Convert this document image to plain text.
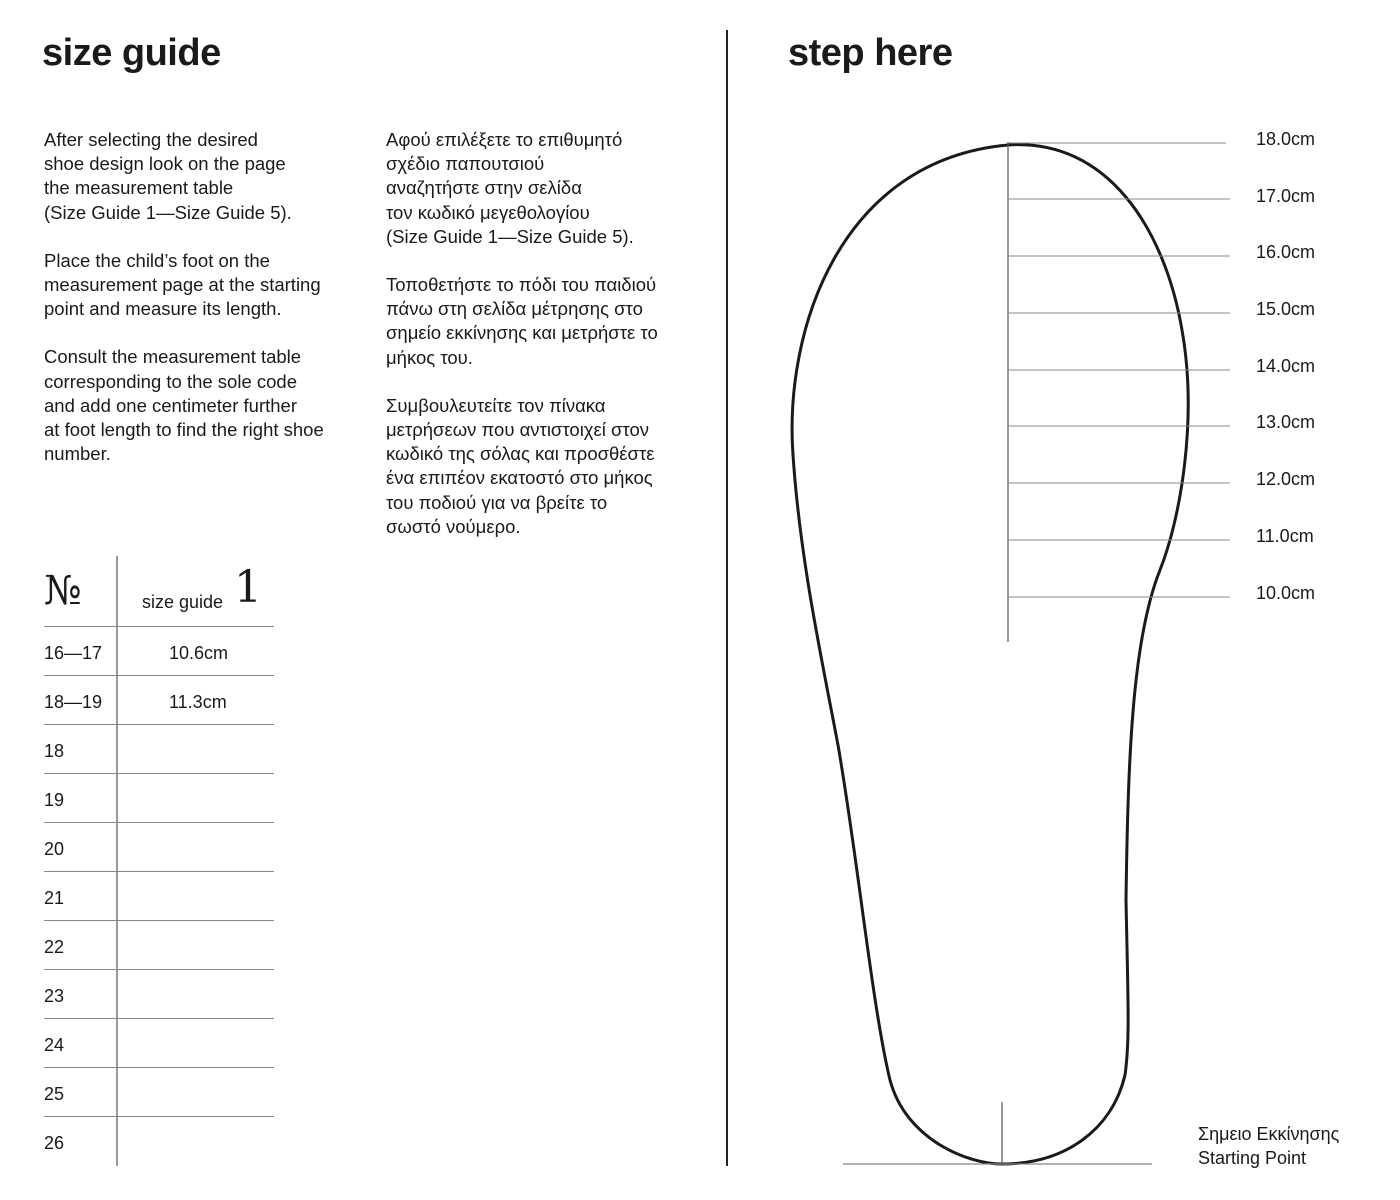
size guide

After selecting the desired
shoe design look on the page
the measurement table
(Size Guide 1—Size Guide 5).

Place the child’s foot on the
measurement page at the starting
point and measure its length.

Consult the measurement table
corresponding to the sole code
and add one centimeter further
at foot length to find the right shoe
number.

Αφού επιλέξετε το επιθυμητό
σχέδιο παπουτσιού
αναζητήστε στην σελίδα
τον κωδικό μεγεθολογίου
(Size Guide 1—Size Guide 5).

Τοποθετήστε το πόδι του παιδιού
πάνω στη σελίδα μέτρησης στο
σημείο εκκίνησης και μετρήστε το
μήκος του.

Συμβουλευτείτε τον πίνακα
μετρήσεων που αντιστοιχεί στον
κωδικό της σόλας και προσθέστε
ένα επιπέον εκατοστό στο μήκος
του ποδιού για να βρείτε το
σωστό νούμερο.

№	size guide 1
16—17	10.6cm
18—19	11.3cm
18
19
20
21
22
23
24
25
26
step here
18.0cm
17.0cm
16.0cm
15.0cm
14.0cm
13.0cm
12.0cm
11.0cm
10.0cm
Σημειο Εκκίνησης
Starting Point
